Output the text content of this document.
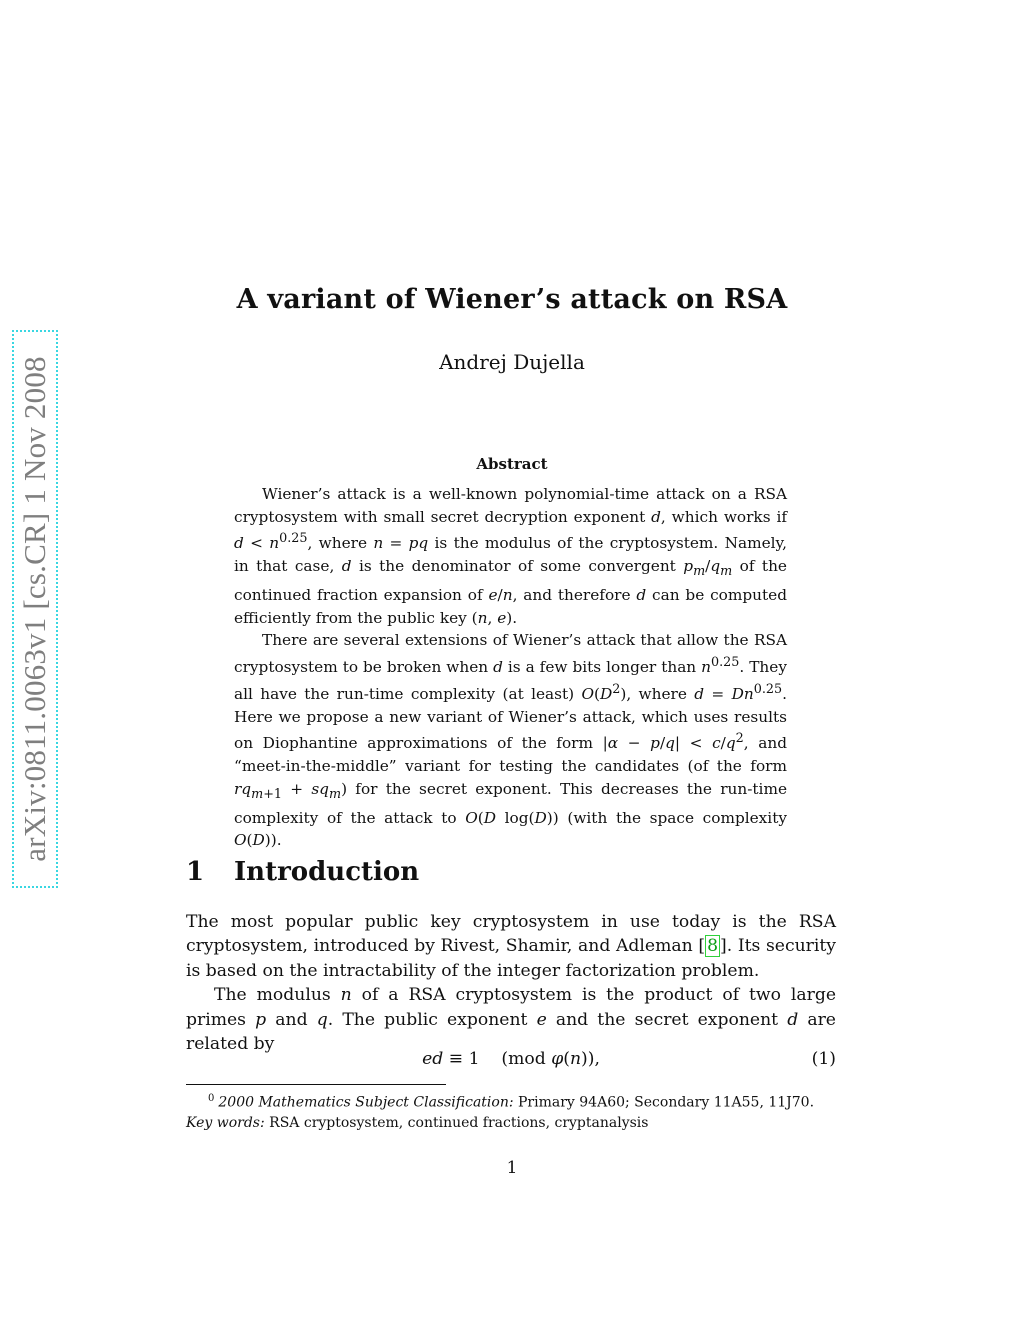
arXiv:0811.0063v1 [cs.CR] 1 Nov 2008
A variant of Wiener’s attack on RSA
Andrej Dujella
Abstract

Wiener’s attack is a well-known polynomial-time attack on a RSA cryptosystem with small secret decryption exponent d, which works if $d < n^{0.25}$, where n = pq is the modulus of the cryptosystem. Namely, in that case, d is the denominator of some convergent $p_m/q_m$ of the continued fraction expansion of e/n, and therefore d can be computed efficiently from the public key (n, e).

There are several extensions of Wiener’s attack that allow the RSA cryptosystem to be broken when d is a few bits longer than $n^{0.25}$. They all have the run-time complexity (at least) $O(D^2)$, where $d = Dn^{0.25}$. Here we propose a new variant of Wiener’s attack, which uses results on Diophantine approximations of the form $|\alpha - p/q| < c/q^2$, and “meet-in-the-middle” variant for testing the candidates (of the form $rq_{m+1} + sq_m$) for the secret exponent. This decreases the run-time complexity of the attack to O(D log(D)) (with the space complexity O(D)).

1 Introduction

The most popular public key cryptosystem in use today is the RSA cryptosystem, introduced by Rivest, Shamir, and Adleman [ 8 ]. Its security is based on the intractability of the integer factorization problem.

The modulus n of a RSA cryptosystem is the product of two large primes p and q. The public exponent e and the secret exponent d are related by

ed ≡ 1    (mod φ(n)),	(1)
$^0$ 2000 Mathematics Subject Classification: Primary 94A60; Secondary 11A55, 11J70.
Key words: RSA cryptosystem, continued fractions, cryptanalysis
1
